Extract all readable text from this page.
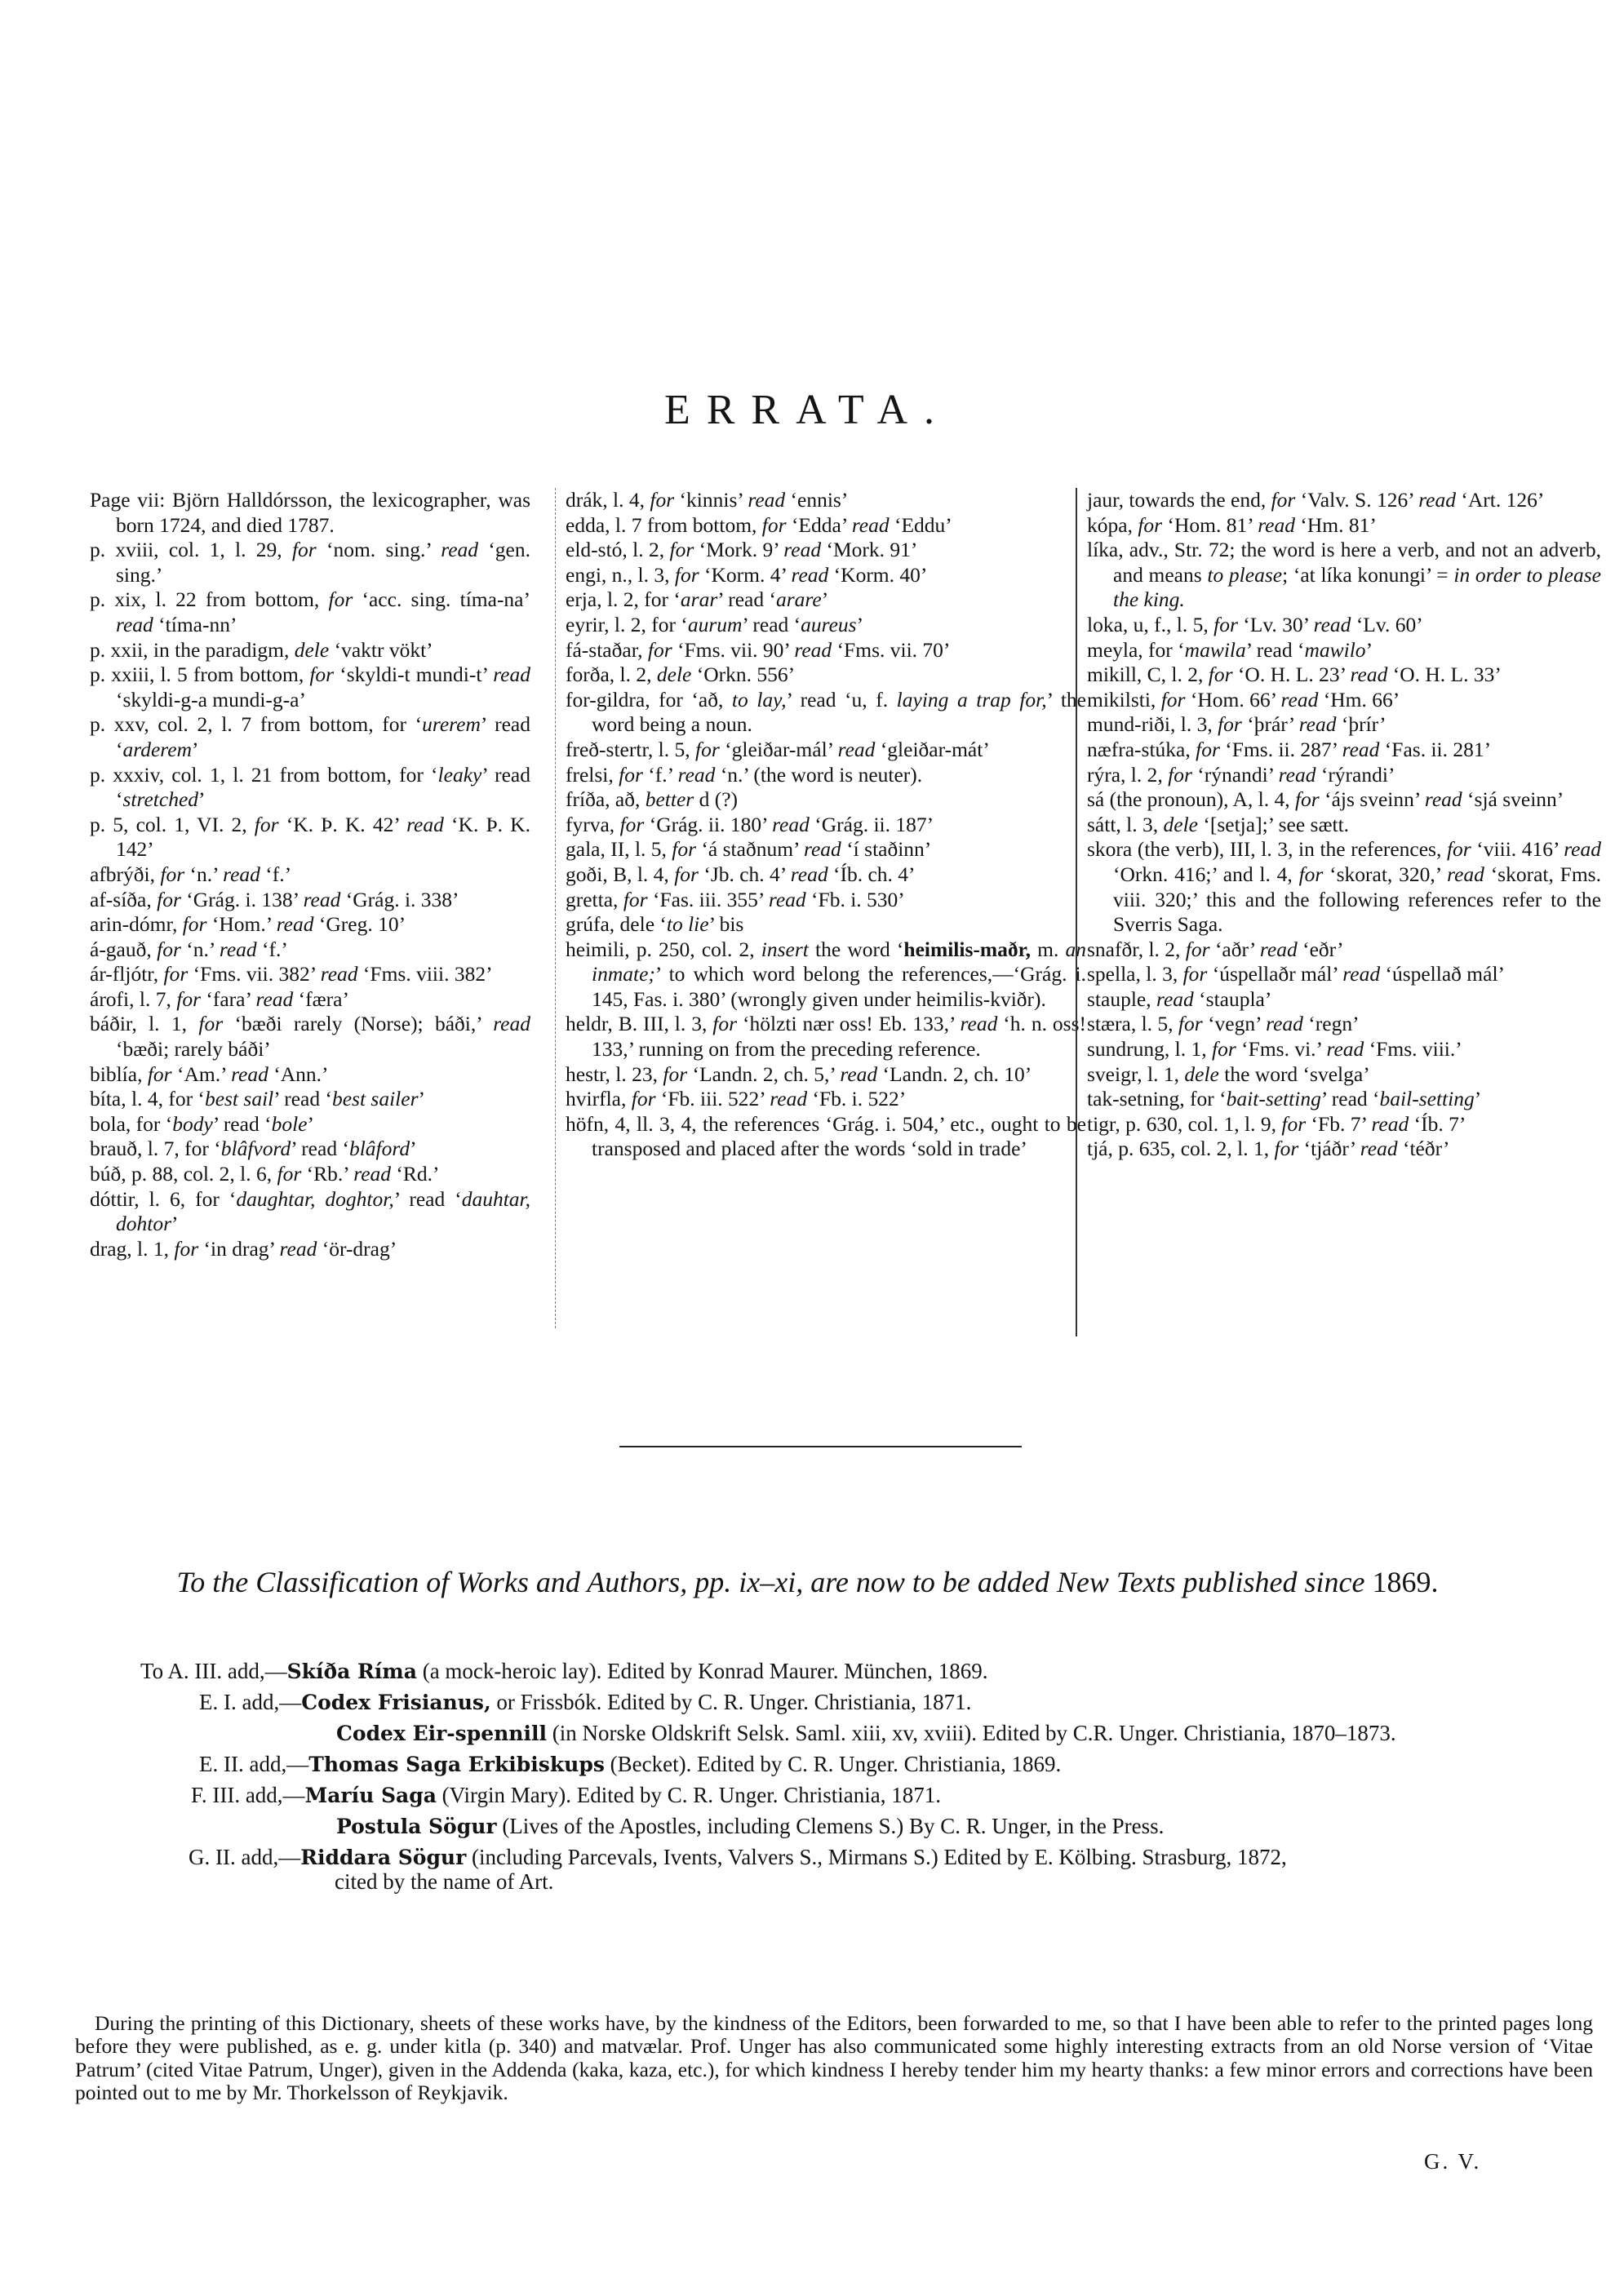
ERRATA.

Page vii: Björn Halldórsson, the lexicographer, was born 1724, and died 1787.

p. xviii, col. 1, l. 29, for ‘nom. sing.’ read ‘gen. sing.’

p. xix, l. 22 from bottom, for ‘acc. sing. tíma-na’ read ‘tíma-nn’

p. xxii, in the paradigm, dele ‘vaktr vökt’

p. xxiii, l. 5 from bottom, for ‘skyldi-t mundi-t’ read ‘skyldi-g-a mundi-g-a’

p. xxv, col. 2, l. 7 from bottom, for ‘urerem’ read ‘arderem’

p. xxxiv, col. 1, l. 21 from bottom, for ‘leaky’ read ‘stretched’

p. 5, col. 1, VI. 2, for ‘K. Þ. K. 42’ read ‘K. Þ. K. 142’

afbrýði, for ‘n.’ read ‘f.’

af-síða, for ‘Grág. i. 138’ read ‘Grág. i. 338’

arin-dómr, for ‘Hom.’ read ‘Greg. 10’

á-gauð, for ‘n.’ read ‘f.’

ár-fljótr, for ‘Fms. vii. 382’ read ‘Fms. viii. 382’

árofi, l. 7, for ‘fara’ read ‘færa’

báðir, l. 1, for ‘bæði rarely (Norse); báði,’ read ‘bæði; rarely báði’

biblía, for ‘Am.’ read ‘Ann.’

bíta, l. 4, for ‘best sail’ read ‘best sailer’

bola, for ‘body’ read ‘bole’

brauð, l. 7, for ‘blâfvord’ read ‘blâford’

búð, p. 88, col. 2, l. 6, for ‘Rb.’ read ‘Rd.’

dóttir, l. 6, for ‘daughtar, doghtor,’ read ‘dauhtar, dohtor’

drag, l. 1, for ‘in drag’ read ‘ör-drag’

drák, l. 4, for ‘kinnis’ read ‘ennis’

edda, l. 7 from bottom, for ‘Edda’ read ‘Eddu’

eld-stó, l. 2, for ‘Mork. 9’ read ‘Mork. 91’

engi, n., l. 3, for ‘Korm. 4’ read ‘Korm. 40’

erja, l. 2, for ‘arar’ read ‘arare’

eyrir, l. 2, for ‘aurum’ read ‘aureus’

fá-staðar, for ‘Fms. vii. 90’ read ‘Fms. vii. 70’

forða, l. 2, dele ‘Orkn. 556’

for-gildra, for ‘að, to lay,’ read ‘u, f. laying a trap for,’ the word being a noun.

freð-stertr, l. 5, for ‘gleiðar-mál’ read ‘gleiðar-mát’

frelsi, for ‘f.’ read ‘n.’ (the word is neuter).

fríða, að, better d (?)

fyrva, for ‘Grág. ii. 180’ read ‘Grág. ii. 187’

gala, II, l. 5, for ‘á staðnum’ read ‘í staðinn’

goði, B, l. 4, for ‘Jb. ch. 4’ read ‘Íb. ch. 4’

gretta, for ‘Fas. iii. 355’ read ‘Fb. i. 530’

grúfa, dele ‘to lie’ bis

heimili, p. 250, col. 2, insert the word ‘heimilis-maðr, m. an inmate;’ to which word belong the references,—‘Grág. i. 145, Fas. i. 380’ (wrongly given under heimilis-kviðr).

heldr, B. III, l. 3, for ‘hölzti nær oss! Eb. 133,’ read ‘h. n. oss! 133,’ running on from the preceding reference.

hestr, l. 23, for ‘Landn. 2, ch. 5,’ read ‘Landn. 2, ch. 10’

hvirfla, for ‘Fb. iii. 522’ read ‘Fb. i. 522’

höfn, 4, ll. 3, 4, the references ‘Grág. i. 504,’ etc., ought to be transposed and placed after the words ‘sold in trade’

jaur, towards the end, for ‘Valv. S. 126’ read ‘Art. 126’

kópa, for ‘Hom. 81’ read ‘Hm. 81’

líka, adv., Str. 72; the word is here a verb, and not an adverb, and means to please; ‘at líka konungi’ = in order to please the king.

loka, u, f., l. 5, for ‘Lv. 30’ read ‘Lv. 60’

meyla, for ‘mawila’ read ‘mawilo’

mikill, C, l. 2, for ‘O. H. L. 23’ read ‘O. H. L. 33’

mikilsti, for ‘Hom. 66’ read ‘Hm. 66’

mund-riði, l. 3, for ‘þrár’ read ‘þrír’

næfra-stúka, for ‘Fms. ii. 287’ read ‘Fas. ii. 281’

rýra, l. 2, for ‘rýnandi’ read ‘rýrandi’

sá (the pronoun), A, l. 4, for ‘ájs sveinn’ read ‘sjá sveinn’

sátt, l. 3, dele ‘[setja];’ see sætt.

skora (the verb), III, l. 3, in the references, for ‘viii. 416’ read ‘Orkn. 416;’ and l. 4, for ‘skorat, 320,’ read ‘skorat, Fms. viii. 320;’ this and the following references refer to the Sverris Saga.

snafðr, l. 2, for ‘aðr’ read ‘eðr’

spella, l. 3, for ‘úspellaðr mál’ read ‘úspellað mál’

stauple, read ‘staupla’

stæra, l. 5, for ‘vegn’ read ‘regn’

sundrung, l. 1, for ‘Fms. vi.’ read ‘Fms. viii.’

sveigr, l. 1, dele the word ‘svelga’

tak-setning, for ‘bait-setting’ read ‘bail-setting’

tigr, p. 630, col. 1, l. 9, for ‘Fb. 7’ read ‘Íb. 7’

tjá, p. 635, col. 2, l. 1, for ‘tjáðr’ read ‘téðr’

To the Classification of Works and Authors, pp. ix–xi, are now to be added New Texts published since 1869.
To A. III. add,—Skíða Ríma (a mock-heroic lay). Edited by Konrad Maurer. München, 1869.
E. I. add,—Codex Frisianus, or Frissbók. Edited by C. R. Unger. Christiania, 1871.
Codex Eir-spennill (in Norske Oldskrift Selsk. Saml. xiii, xv, xviii). Edited by C.R. Unger. Christiania, 1870–1873.
E. II. add,—Thomas Saga Erkibiskups (Becket). Edited by C. R. Unger. Christiania, 1869.
F. III. add,—Maríu Saga (Virgin Mary). Edited by C. R. Unger. Christiania, 1871.
Postula Sögur (Lives of the Apostles, including Clemens S.) By C. R. Unger, in the Press.
G. II. add,—Riddara Sögur (including Parcevals, Ivents, Valvers S., Mirmans S.) Edited by E. Kölbing. Strasburg, 1872,
cited by the name of Art.

During the printing of this Dictionary, sheets of these works have, by the kindness of the Editors, been forwarded to me, so that I have been able to refer to the printed pages long before they were published, as e. g. under kitla (p. 340) and matvælar. Prof. Unger has also communicated some highly interesting extracts from an old Norse version of ‘Vitae Patrum’ (cited Vitae Patrum, Unger), given in the Addenda (kaka, kaza, etc.), for which kindness I hereby tender him my hearty thanks: a few minor errors and corrections have been pointed out to me by Mr. Thorkelsson of Reykjavik.

G. V.
